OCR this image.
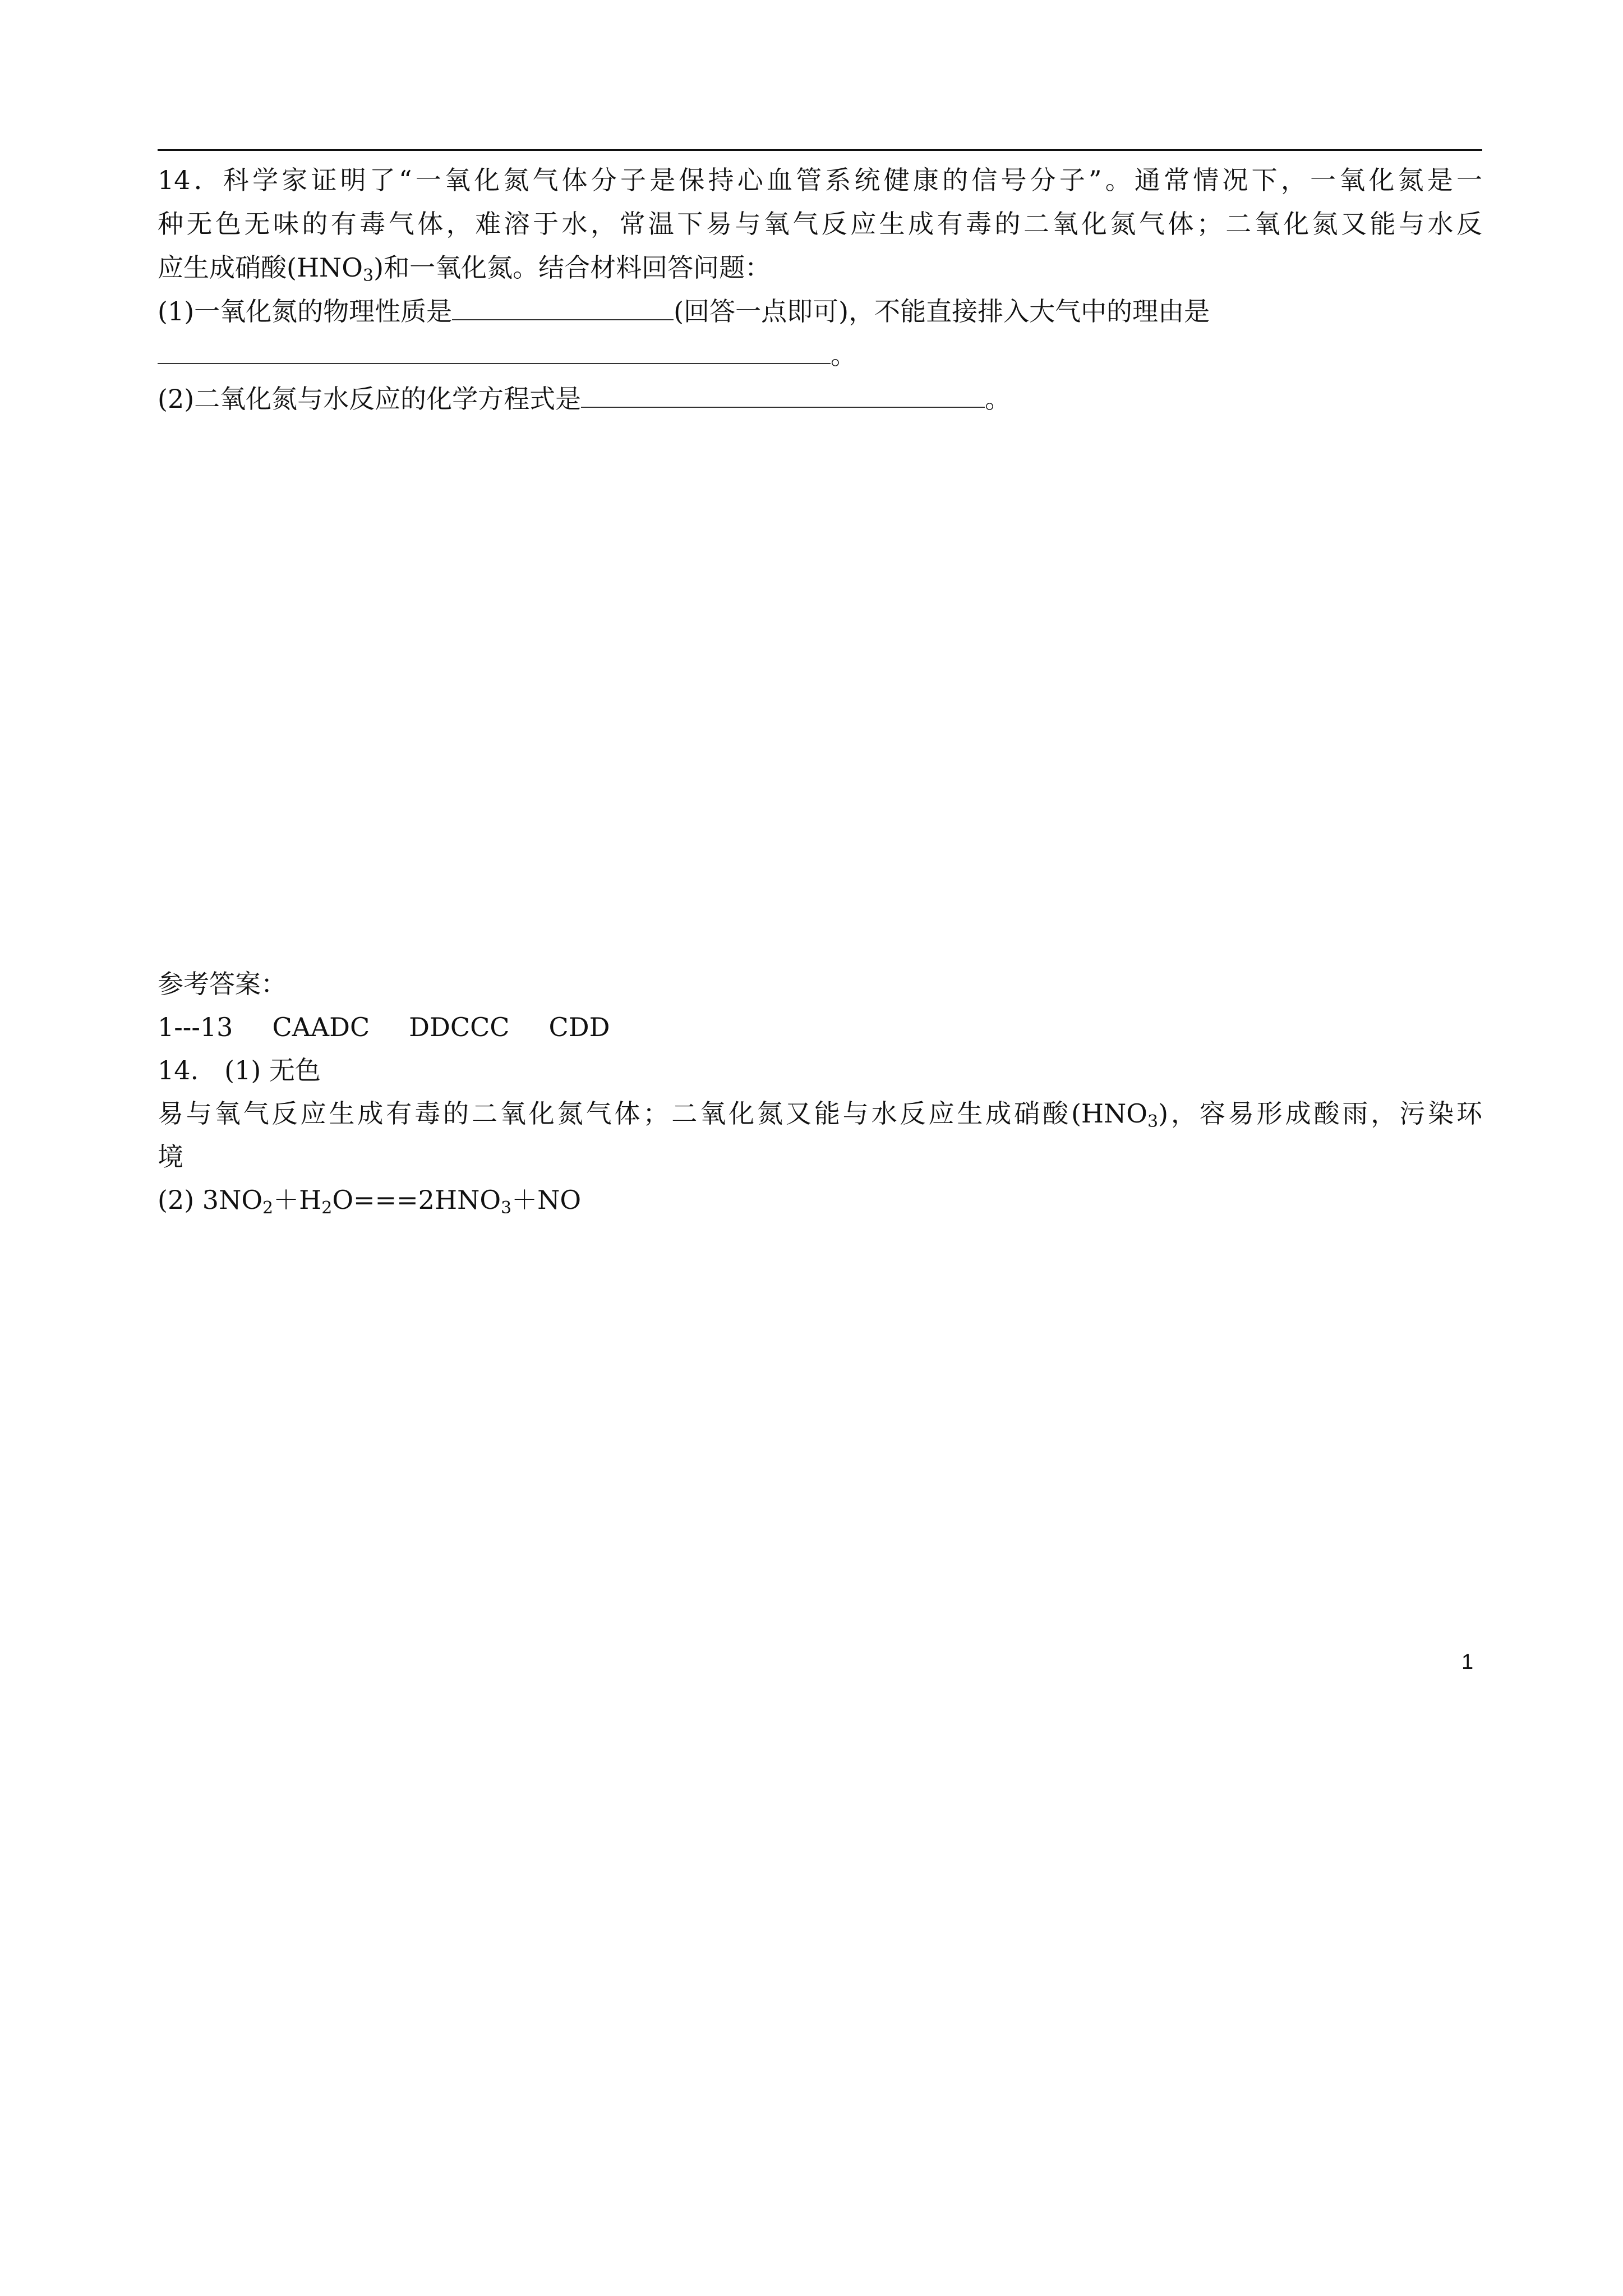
14．科学家证明了“一氧化氮气体分子是保持心血管系统健康的信号分子”。通常情况下，一氧化氮是一
种无色无味的有毒气体，难溶于水，常温下易与氧气反应生成有毒的二氧化氮气体；二氧化氮又能与水反
应生成硝酸$(HNO_3)$和一氧化氮。结合材料回答问题：
(1)一氧化氮的物理性质是	(回答一点即可)，不能直接排入大气中的理由是
。
(2)二氧化氮与水反应的化学方程式是	。
参考答案：
1---13 CAADC DDCCC CDD
14.　(1) 无色
易与氧气反应生成有毒的二氧化氮气体；二氧化氮又能与水反应生成硝酸$(HNO_3)$，容易形成酸雨，污染环
境
(2) $3NO_2+H_2O===2HNO_3+NO$
1
